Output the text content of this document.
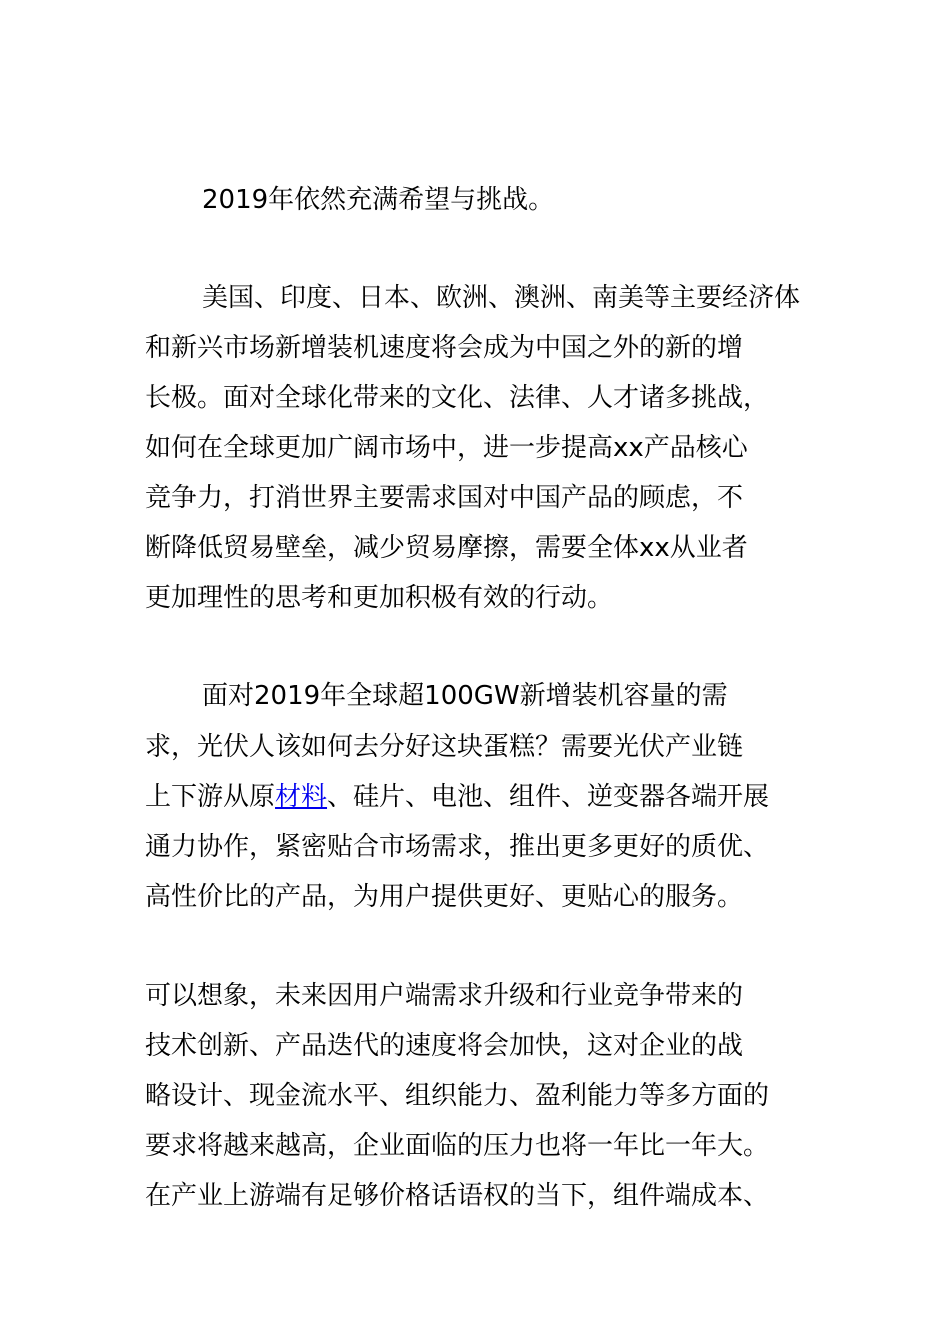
2019年依然充满希望与挑战。
美国、印度、日本、欧洲、澳洲、南美等主要经济体
和新兴市场新增装机速度将会成为中国之外的新的增
长极。面对全球化带来的文化、法律、人才诸多挑战，
如何在全球更加广阔市场中，进一步提高xx产品核心
竞争力，打消世界主要需求国对中国产品的顾虑，不
断降低贸易壁垒，减少贸易摩擦，需要全体xx从业者
更加理性的思考和更加积极有效的行动。
面对2019年全球超100GW新增装机容量的需
求，光伏人该如何去分好这块蛋糕？需要光伏产业链
上下游从原材料、硅片、电池、组件、逆变器各端开展
通力协作，紧密贴合市场需求，推出更多更好的质优、
高性价比的产品，为用户提供更好、更贴心的服务。
可以想象，未来因用户端需求升级和行业竞争带来的
技术创新、产品迭代的速度将会加快，这对企业的战
略设计、现金流水平、组织能力、盈利能力等多方面的
要求将越来越高，企业面临的压力也将一年比一年大。
在产业上游端有足够价格话语权的当下，组件端成本、
